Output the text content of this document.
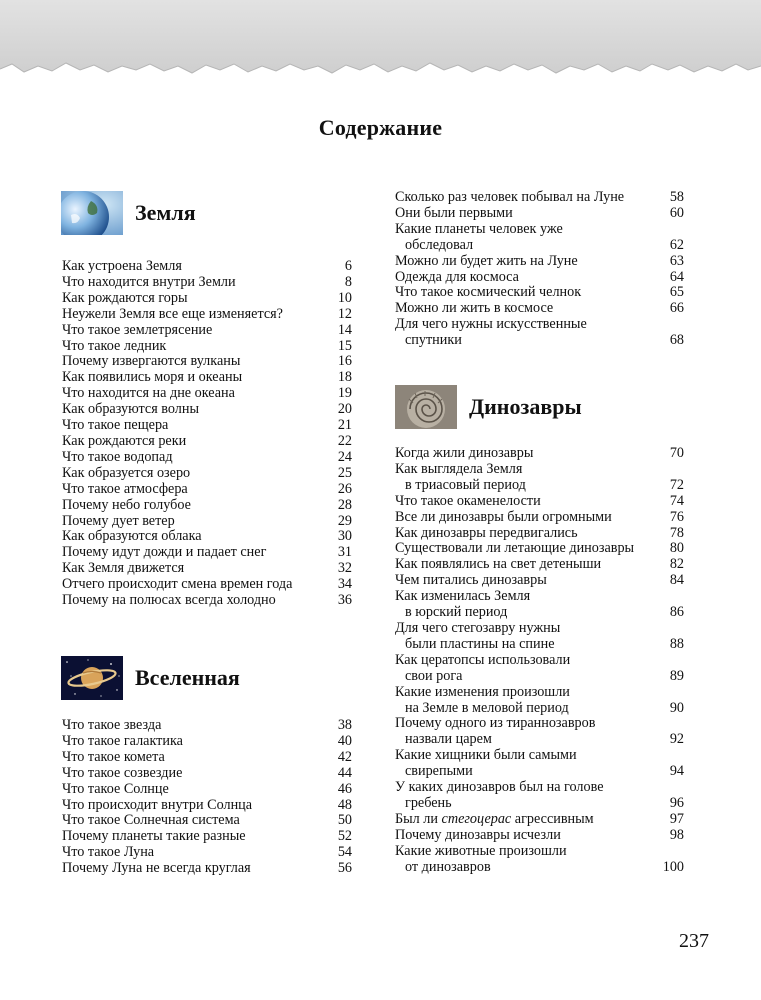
Содержание
Земля
Как устроена Земля	6
Что находится внутри Земли	8
Как рождаются горы	10
Неужели Земля все еще изменяется?	12
Что такое землетрясение	14
Что такое ледник	15
Почему извергаются вулканы	16
Как появились моря и океаны	18
Что находится на дне океана	19
Как образуются волны	20
Что такое пещера	21
Как рождаются реки	22
Что такое водопад	24
Как образуется озеро	25
Что такое атмосфера	26
Почему небо голубое	28
Почему дует ветер	29
Как образуются облака	30
Почему идут дожди и падает снег	31
Как Земля движется	32
Отчего происходит смена времен года	34
Почему на полюсах всегда холодно	36
Вселенная
Что такое звезда	38
Что такое галактика	40
Что такое комета	42
Что такое созвездие	44
Что такое Солнце	46
Что происходит внутри Солнца	48
Что такое Солнечная система	50
Почему планеты такие разные	52
Что такое Луна	54
Почему Луна не всегда круглая	56
Сколько раз человек побывал на Луне	58
Они были первыми	60
Какие планеты человек уже
обследовал	62
Можно ли будет жить на Луне	63
Одежда для космоса	64
Что такое космический челнок	65
Можно ли жить в космосе	66
Для чего нужны искусственные
спутники	68
Динозавры
Когда жили динозавры	70
Как выглядела Земля
в триасовый период	72
Что такое окаменелости	74
Все ли динозавры были огромными	76
Как динозавры передвигались	78
Существовали ли летающие динозавры	80
Как появлялись на свет детеныши	82
Чем питались динозавры	84
Как изменилась Земля
в юрский период	86
Для чего стегозавру нужны
были пластины на спине	88
Как цератопсы использовали
свои рога	89
Какие изменения произошли
на Земле в меловой период	90
Почему одного из тираннозавров
назвали царем	92
Какие хищники были самыми
свирепыми	94
У каких динозавров был на голове
гребень	96
Был ли стегоцерас агрессивным	97
Почему динозавры исчезли	98
Какие животные произошли
от динозавров	100
237
